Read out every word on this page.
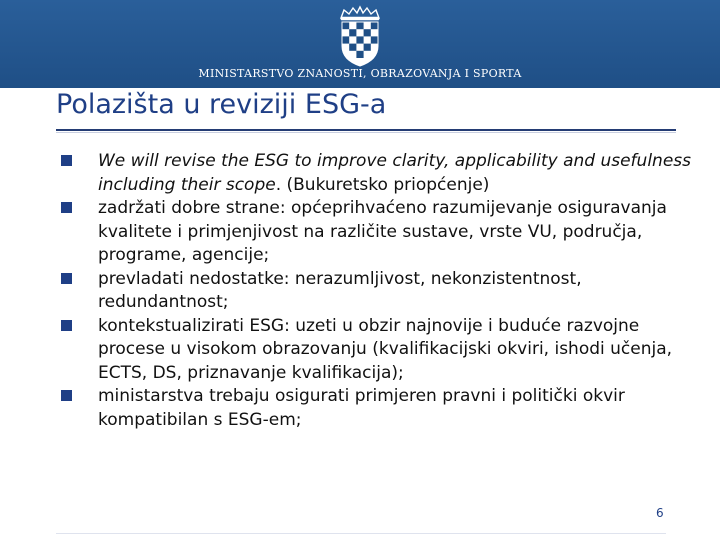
MINISTARSTVO ZNANOSTI, OBRAZOVANJA I SPORTA
Polazišta u reviziji ESG-a
We will revise the ESG to improve clarity, applicability and usefulness including their scope. (Bukuretsko priopćenje)
zadržati dobre strane: općeprihvaćeno razumijevanje osiguravanja kvalitete i primjenjivost na različite sustave, vrste VU, područja, programe, agencije;
prevladati nedostatke: nerazumljivost, nekonzistentnost, redundantnost;
kontekstualizirati ESG: uzeti u obzir najnovije i buduće razvojne procese u visokom obrazovanju (kvalifikacijski okviri, ishodi učenja, ECTS, DS, priznavanje kvalifikacija);
ministarstva trebaju osigurati primjeren pravni i politički okvir kompatibilan s ESG-em;
6
